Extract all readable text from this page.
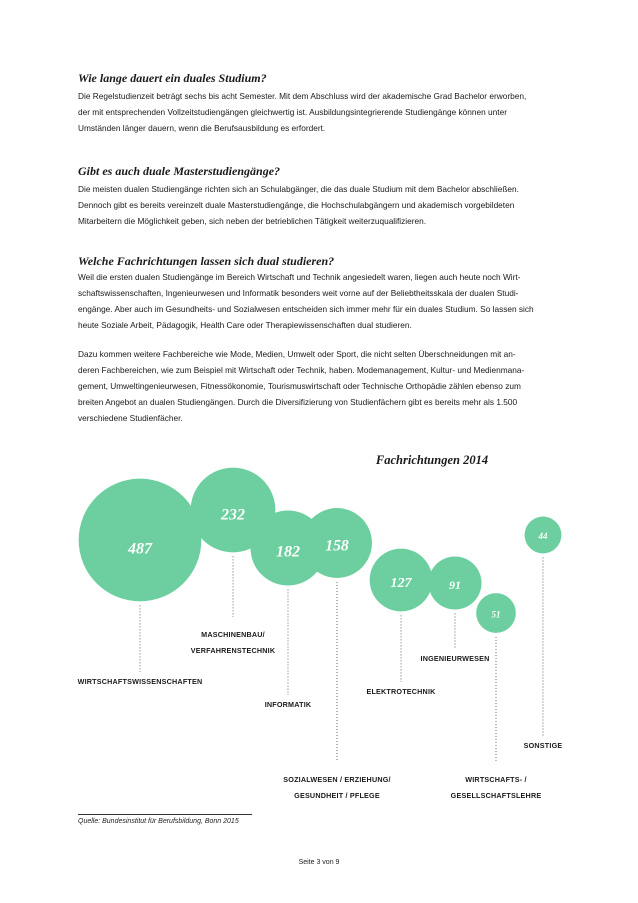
Wie lange dauert ein duales Studium?

Die Regelstudienzeit beträgt sechs bis acht Semester. Mit dem Abschluss wird der akademische Grad Bachelor erworben,
der mit entsprechenden Vollzeitstudiengängen gleichwertig ist. Ausbildungsintegrierende Studiengänge können unter
Umständen länger dauern, wenn die Berufsausbildung es erfordert.

Gibt es auch duale Masterstudiengänge?

Die meisten dualen Studiengänge richten sich an Schulabgänger, die das duale Studium mit dem Bachelor abschließen.
Dennoch gibt es bereits vereinzelt duale Masterstudiengänge, die Hochschulabgängern und akademisch vorgebildeten
Mitarbeitern die Möglichkeit geben, sich neben der betrieblichen Tätigkeit weiterzuqualifizieren.

Welche Fachrichtungen lassen sich dual studieren?

Weil die ersten dualen Studiengänge im Bereich Wirtschaft und Technik angesiedelt waren, liegen auch heute noch Wirt-
schaftswissenschaften, Ingenieurwesen und Informatik besonders weit vorne auf der Beliebtheitsskala der dualen Studi-
engänge. Aber auch im Gesundheits- und Sozialwesen entscheiden sich immer mehr für ein duales Studium. So lassen sich
heute Soziale Arbeit, Pädagogik, Health Care oder Therapiewissenschaften dual studieren.

Dazu kommen weitere Fachbereiche wie Mode, Medien, Umwelt oder Sport, die nicht selten Überschneidungen mit an-
deren Fachbereichen, wie zum Beispiel mit Wirtschaft oder Technik, haben. Modemanagement, Kultur- und Medienmana-
gement, Umweltingenieurwesen, Fitnessökonomie, Tourismuswirtschaft oder Technische Orthopädie zählen ebenso zum
breiten Angebot an dualen Studiengängen. Durch die Diversifizierung von Studienfächern gibt es bereits mehr als 1.500
verschiedene Studienfächer.

Fachrichtungen 2014
487
WIRTSCHAFTSWISSENSCHAFTEN
232
MASCHINENBAU/
VERFAHRENSTECHNIK
182
INFORMATIK
158
SOZIALWESEN / ERZIEHUNG/
GESUNDHEIT / PFLEGE
127
ELEKTROTECHNIK
91
INGENIEURWESEN
51
WIRTSCHAFTS- /
GESELLSCHAFTSLEHRE
44
SONSTIGE
Quelle: Bundesinstitut für Berufsbildung, Bonn 2015
Seite 3 von 9
